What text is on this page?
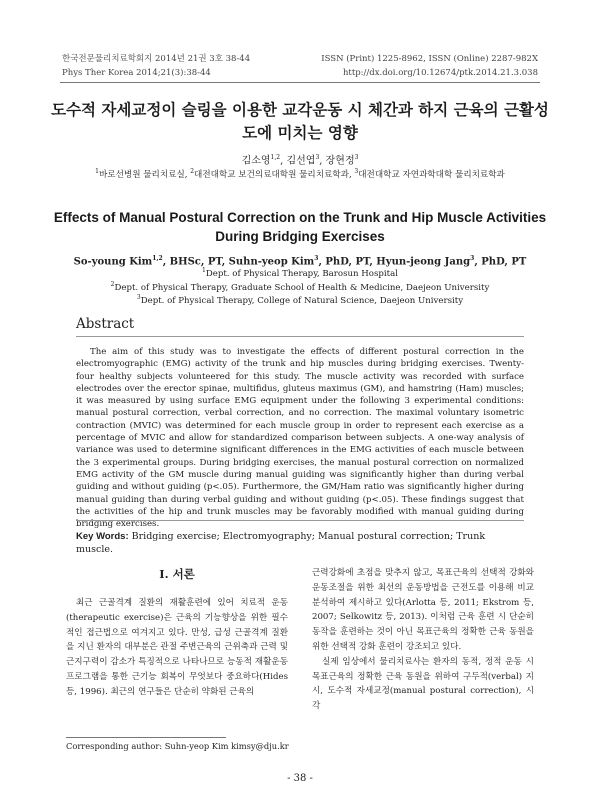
한국전문물리치료학회지 2014년 21권 3호 38-44
Phys Ther Korea 2014;21(3):38-44
ISSN (Print) 1225-8962, ISSN (Online) 2287-982X
http://dx.doi.org/10.12674/ptk.2014.21.3.038
도수적 자세교정이 슬링을 이용한 교각운동 시 체간과 하지 근육의 근활성도에 미치는 영향
김소영$^{1,2}$, 김선엽$^3$, 장현정$^3$
$^1$바로선병원 물리치료실, $^2$대전대학교 보건의료대학원 물리치료학과, $^3$대전대학교 자연과학대학 물리치료학과
Effects of Manual Postural Correction on the Trunk and Hip Muscle Activities During Bridging Exercises
So-young Kim$^{1,2}$, BHSc, PT, Suhn-yeop Kim$^3$, PhD, PT, Hyun-jeong Jang$^3$, PhD, PT
$^1$Dept. of Physical Therapy, Barosun Hospital
$^2$Dept. of Physical Therapy, Graduate School of Health & Medicine, Daejeon University
$^3$Dept. of Physical Therapy, College of Natural Science, Daejeon University
Abstract

The aim of this study was to investigate the effects of different postural correction in the electromyographic (EMG) activity of the trunk and hip muscles during bridging exercises. Twenty-four healthy subjects volunteered for this study. The muscle activity was recorded with surface electrodes over the erector spinae, multifidus, gluteus maximus (GM), and hamstring (Ham) muscles; it was measured by using surface EMG equipment under the following 3 experimental conditions: manual postural correction, verbal correction, and no correction. The maximal voluntary isometric contraction (MVIC) was determined for each muscle group in order to represent each exercise as a percentage of MVIC and allow for standardized comparison between subjects. A one-way analysis of variance was used to determine significant differences in the EMG activities of each muscle between the 3 experimental groups. During bridging exercises, the manual postural correction on normalized EMG activity of the GM muscle during manual guiding was significantly higher than during verbal guiding and without guiding (p<.05). Furthermore, the GM/Ham ratio was significantly higher during manual guiding than during verbal guiding and without guiding (p<.05). These findings suggest that the activities of the hip and trunk muscles may be favorably modified with manual guiding during bridging exercises.

Key Words: Bridging exercise; Electromyography; Manual postural correction; Trunk muscle.
Ⅰ. 서론

최근 근골격계 질환의 재활훈련에 있어 치료적 운동(therapeutic exercise)은 근육의 기능향상을 위한 필수적인 접근법으로 여겨지고 있다. 만성, 급성 근골격계 질환을 지닌 환자의 대부분은 관절 주변근육의 근위축과 근력 및 근지구력이 감소가 특징적으로 나타나므로 능동적 재활운동프로그램을 통한 근기능 회복이 무엇보다 중요하다(Hides 등, 1996). 최근의 연구들은 단순히 약화된 근육의

근력강화에 초점을 맞추지 않고, 목표근육의 선택적 강화와 운동조절을 위한 최선의 운동방법을 근전도를 이용해 비교 분석하여 제시하고 있다(Arlotta 등, 2011; Ekstrom 등, 2007; Selkowitz 등, 2013). 이처럼 근육 훈련 시 단순히 동작을 훈련하는 것이 아닌 목표근육의 정확한 근육 동원을 위한 선택적 강화 훈련이 강조되고 있다.

실제 임상에서 물리치료사는 환자의 동적, 정적 운동 시 목표근육의 정확한 근육 동원을 위하여 구두적(verbal) 지시, 도수적 자세교정(manual postural correction), 시각

Corresponding author: Suhn-yeop Kim kimsy@dju.kr
- 38 -
